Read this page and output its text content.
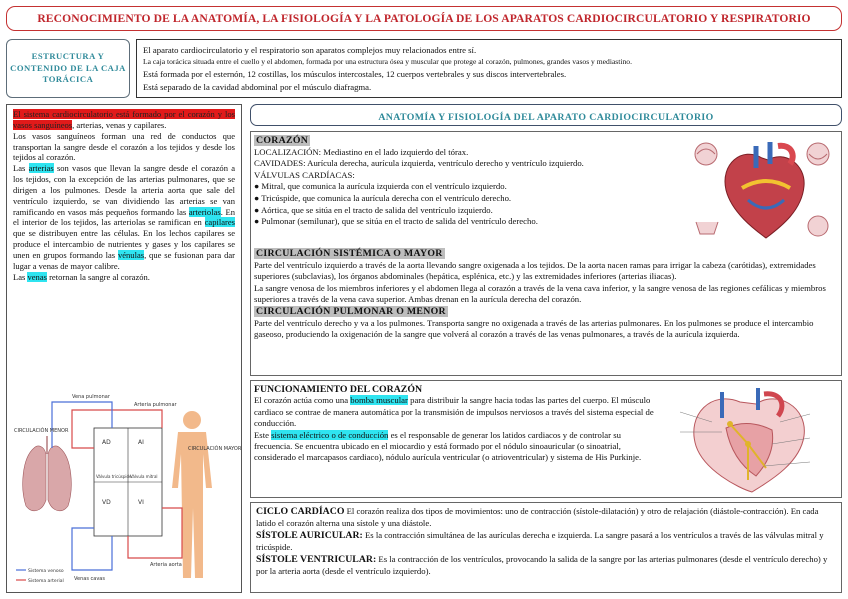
RECONOCIMIENTO DE LA ANATOMÍA, LA FISIOLOGÍA Y LA PATOLOGÍA DE LOS APARATOS CARDIOCIRCULATORIO Y RESPIRATORIO
ESTRUCTURA Y CONTENIDO DE LA CAJA TORÁCICA

El aparato cardiocirculatorio y el respiratorio son aparatos complejos muy relacionados entre sí.

La caja torácica situada entre el cuello y el abdomen, formada por una estructura ósea y muscular que protege al corazón, pulmones, grandes vasos y mediastino.

Está formada por el esternón, 12 costillas, los músculos intercostales, 12 cuerpos vertebrales y sus discos intervertebrales.

Está separado de la cavidad abdominal por el músculo diafragma.

El sistema cardiocirculatorio está formado por el corazón y los vasos sanguíneos, arterias, venas y capilares.

Los vasos sanguíneos forman una red de conductos que transportan la sangre desde el corazón a los tejidos y desde los tejidos al corazón.

Las arterias son vasos que llevan la sangre desde el corazón a los tejidos, con la excepción de las arterias pulmonares, que se dirigen a los pulmones. Desde la arteria aorta que sale del ventrículo izquierdo, se van dividiendo las arterias se van ramificando en vasos más pequeños formando las arteriolas. En el interior de los tejidos, las arteriolas se ramifican en capilares que se distribuyen entre las células. En los lechos capilares se produce el intercambio de nutrientes y gases y los capilares se unen en grupos formando las vénulas, que se fusionan para dar lugar a venas de mayor calibre.

Las venas retornan la sangre al corazón.

Vena pulmonar
Arteria pulmonar
CIRCULACIÓN MENOR
CIRCULACIÓN MAYOR
AD	AI
VD	VI
Válvula tricúspide
Válvula mitral
Venas cavas
Arteria aorta
Sistema venoso
Sistema arterial
ANATOMÍA Y FISIOLOGÍA DEL APARATO CARDIOCIRCULATORIO

CORAZÓN

LOCALIZACIÓN: Mediastino en el lado izquierdo del tórax.

CAVIDADES: Aurícula derecha, aurícula izquierda, ventrículo derecho y ventrículo izquierdo.

VÁLVULAS CARDÍACAS:

● Mitral, que comunica la aurícula izquierda con el ventrículo izquierdo.

● Tricúspide, que comunica la aurícula derecha con el ventrículo derecho.

● Aórtica, que se sitúa en el tracto de salida del ventrículo izquierdo.

● Pulmonar (semilunar), que se sitúa en el tracto de salida del ventrículo derecho.

CIRCULACIÓN SISTÉMICA O MAYOR

Parte del ventrículo izquierdo a través de la aorta llevando sangre oxigenada a los tejidos. De la aorta nacen ramas para irrigar la cabeza (carótidas), extremidades superiores (subclavias), los órganos abdominales (hepática, esplénica, etc.) y las extremidades inferiores (arterias iliacas).

La sangre venosa de los miembros inferiores y el abdomen llega al corazón a través de la vena cava inferior, y la sangre venosa de las regiones cefálicas y miembros superiores a través de la vena cava superior. Ambas drenan en la aurícula derecha del corazón.

CIRCULACIÓN PULMONAR O MENOR

Parte del ventrículo derecho y va a los pulmones. Transporta sangre no oxigenada a través de las arterias pulmonares. En los pulmones se produce el intercambio gaseoso, produciendo la oxigenación de la sangre que volverá al corazón a través de las venas pulmonares, a través de la aurícula izquierda.

FUNCIONAMIENTO DEL CORAZÓN

El corazón actúa como una bomba muscular para distribuir la sangre hacia todas las partes del cuerpo. El músculo cardiaco se contrae de manera automática por la transmisión de impulsos nerviosos a través del sistema especial de conducción.

Este sistema eléctrico o de conducción es el responsable de generar los latidos cardiacos y de controlar su frecuencia. Se encuentra ubicado en el miocardio y está formado por el nódulo sinoauricular (o sinoatrial, considerado el marcapasos cardiaco), nódulo aurícula ventricular (o atrioventricular) y sistema de His Purkinje.

CICLO CARDÍACO El corazón realiza dos tipos de movimientos: uno de contracción (sístole-dilatación) y otro de relajación (diástole-contracción). En cada latido el corazón alterna una sístole y una diástole.

SÍSTOLE AURICULAR: Es la contracción simultánea de las aurículas derecha e izquierda. La sangre pasará a los ventrículos a través de las válvulas mitral y tricúspide.

SÍSTOLE VENTRICULAR: Es la contracción de los ventrículos, provocando la salida de la sangre por las arterias pulmonares (desde el ventrículo derecho) y por la arteria aorta (desde el ventrículo izquierdo).
